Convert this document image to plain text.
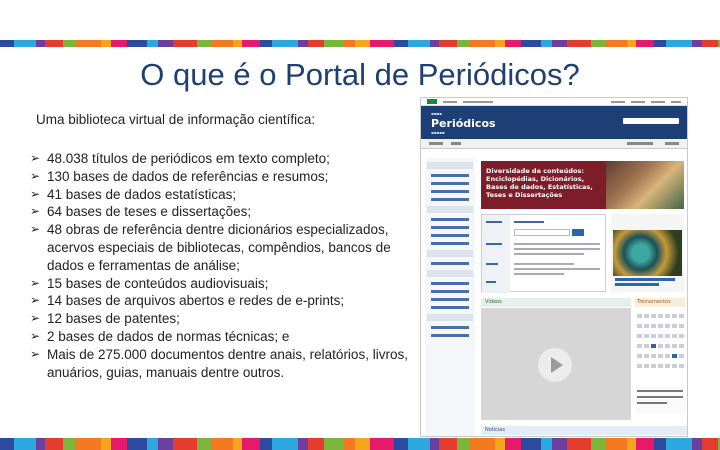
O que é o Portal de Periódicos?
Uma biblioteca virtual de informação científica:
➢ 48.038 títulos de periódicos em texto completo;
➢ 130 bases de dados de referências e resumos;
➢ 41 bases de dados estatísticas;
➢ 64 bases de teses e dissertações;
➢ 48 obras de referência dentre dicionários especializados, acervos especiais de bibliotecas, compêndios, bancos de dados e ferramentas de análise;
➢ 15 bases de conteúdos audiovisuais;
➢ 14 bases de arquivos abertos e redes de e-prints;
➢ 12 bases de patentes;
➢ 2 bases de dados de normas técnicas; e
➢ Mais de 275.000 documentos dentre anais, relatórios, livros, anuários, guias, manuais dentre outros.
▪▪▪▪
Periódicos
▪▪▪▪▪
Diversidade de conteúdos: Enciclopédias, Dicionários, Bases de dados, Estatísticas, Teses e Dissertações
Vídeos	Treinamentos
Notícias
